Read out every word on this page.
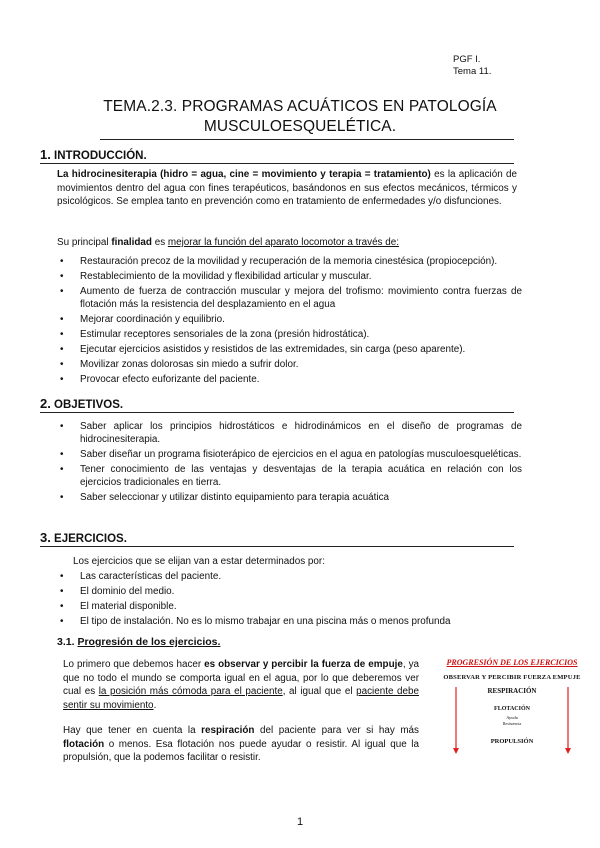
PGF I.
Tema 11.
TEMA.2.3. PROGRAMAS ACUÁTICOS EN PATOLOGÍA
MUSCULOESQUELÉTICA.
1. INTRODUCCIÓN.
La hidrocinesiterapia (hidro = agua, cine = movimiento y terapia = tratamiento) es la aplicación de movimientos dentro del agua con fines terapéuticos, basándonos en sus efectos mecánicos, térmicos y psicológicos. Se emplea tanto en prevención como en tratamiento de enfermedades y/o disfunciones.
Su principal finalidad es mejorar la función del aparato locomotor a través de:
• Restauración precoz de la movilidad y recuperación de la memoria cinestésica (propiocepción).
• Restablecimiento de la movilidad y flexibilidad articular y muscular.
• Aumento de fuerza de contracción muscular y mejora del trofismo: movimiento contra fuerzas de flotación más la resistencia del desplazamiento en el agua
• Mejorar coordinación y equilibrio.
• Estimular receptores sensoriales de la zona (presión hidrostática).
• Ejecutar ejercicios asistidos y resistidos de las extremidades, sin carga (peso aparente).
• Movilizar zonas dolorosas sin miedo a sufrir dolor.
• Provocar efecto euforizante del paciente.
2. OBJETIVOS.
• Saber aplicar los principios hidrostáticos e hidrodinámicos en el diseño de programas de hidrocinesiterapia.
• Saber diseñar un programa fisioterápico de ejercicios en el agua en patologías musculoesqueléticas.
• Tener conocimiento de las ventajas y desventajas de la terapia acuática en relación con los ejercicios tradicionales en tierra.
• Saber seleccionar y utilizar distinto equipamiento para terapia acuática
3. EJERCICIOS.
Los ejercicios que se elijan van a estar determinados por:
• Las características del paciente.
• El dominio del medio.
• El material disponible.
• El tipo de instalación. No es lo mismo trabajar en una piscina más o menos profunda
3.1. Progresión de los ejercicios.
Lo primero que debemos hacer es observar y percibir la fuerza de empuje, ya que no todo el mundo se comporta igual en el agua, por lo que deberemos ver cual es la posición más cómoda para el paciente, al igual que el paciente debe sentir su movimiento.
Hay que tener en cuenta la respiración del paciente para ver si hay más flotación o menos. Esa flotación nos puede ayudar o resistir. Al igual que la propulsión, que la podemos facilitar o resistir.
PROGRESIÓN DE LOS EJERCICIOS
OBSERVAR Y PERCIBIR FUERZA EMPUJE
RESPIRACIÓN
FLOTACIÓN
Ayuda
Resistencia
PROPULSIÓN
1
